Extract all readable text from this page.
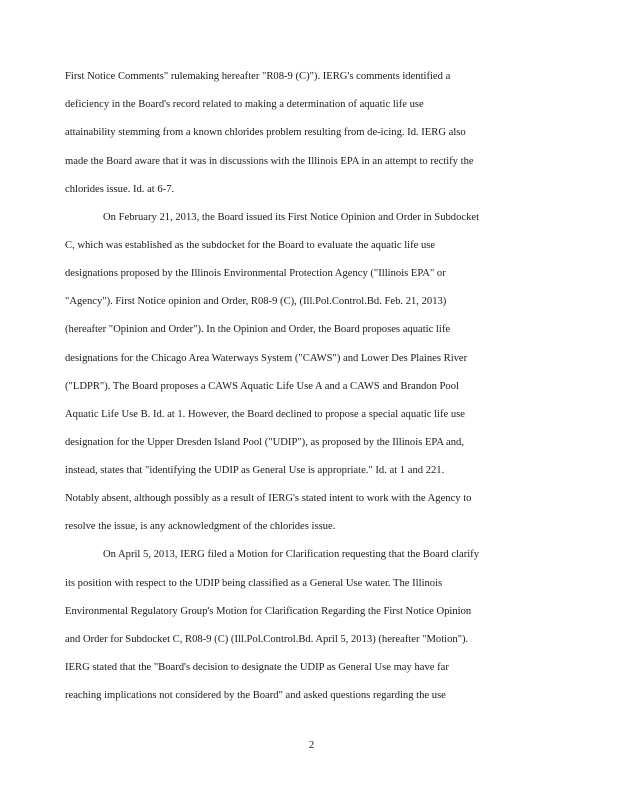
First Notice Comments" rulemaking hereafter "R08-9 (C)"). IERG's comments identified a
deficiency in the Board's record related to making a determination of aquatic life use
attainability stemming from a known chlorides problem resulting from de-icing. Id. IERG also
made the Board aware that it was in discussions with the Illinois EPA in an attempt to rectify the
chlorides issue. Id. at 6-7.
On February 21, 2013, the Board issued its First Notice Opinion and Order in Subdocket
C, which was established as the subdocket for the Board to evaluate the aquatic life use
designations proposed by the Illinois Environmental Protection Agency ("Illinois EPA" or
"Agency"). First Notice opinion and Order, R08-9 (C), (Ill.Pol.Control.Bd. Feb. 21, 2013)
(hereafter "Opinion and Order"). In the Opinion and Order, the Board proposes aquatic life
designations for the Chicago Area Waterways System ("CAWS") and Lower Des Plaines River
("LDPR"). The Board proposes a CAWS Aquatic Life Use A and a CAWS and Brandon Pool
Aquatic Life Use B. Id. at 1. However, the Board declined to propose a special aquatic life use
designation for the Upper Dresden Island Pool ("UDIP"), as proposed by the Illinois EPA and,
instead, states that "identifying the UDIP as General Use is appropriate." Id. at 1 and 221.
Notably absent, although possibly as a result of IERG's stated intent to work with the Agency to
resolve the issue, is any acknowledgment of the chlorides issue.
On April 5, 2013, IERG filed a Motion for Clarification requesting that the Board clarify
its position with respect to the UDIP being classified as a General Use water. The Illinois
Environmental Regulatory Group's Motion for Clarification Regarding the First Notice Opinion
and Order for Subdocket C, R08-9 (C) (Ill.Pol.Control.Bd. April 5, 2013) (hereafter "Motion").
IERG stated that the "Board's decision to designate the UDIP as General Use may have far
reaching implications not considered by the Board" and asked questions regarding the use
2
